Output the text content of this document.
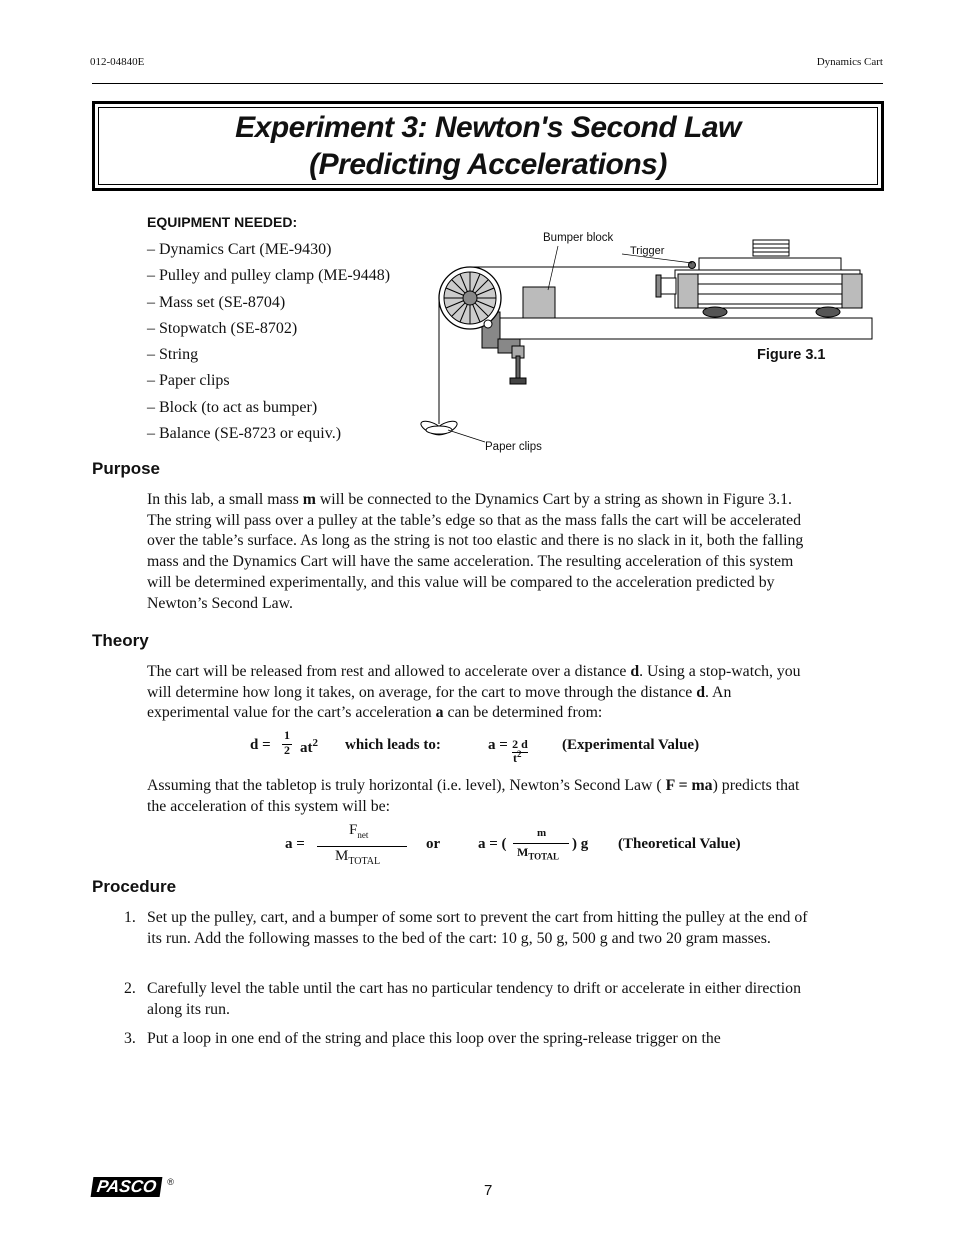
012-04840E	Dynamics Cart
Experiment 3: Newton's Second Law
(Predicting Accelerations)
EQUIPMENT NEEDED:
– Dynamics Cart (ME-9430)
– Pulley and pulley clamp (ME-9448)
– Mass set (SE-8704)
– Stopwatch (SE-8702)
– String
– Paper clips
– Block (to act as bumper)
– Balance (SE-8723 or equiv.)
Bumper block
Trigger
Paper clips
Figure 3.1
Purpose
In this lab, a small mass m will be connected to the Dynamics Cart by a string as shown in Figure 3.1. The string will pass over a pulley at the table’s edge so that as the mass falls the cart will be accelerated over the table’s surface. As long as the string is not too elastic and there is no slack in it, both the falling mass and the Dynamics Cart will have the same acceleration. The resulting acceleration of this system will be determined experimentally, and this value will be compared to the acceleration predicted by Newton’s Second Law.
Theory
The cart will be released from rest and allowed to accelerate over a distance d. Using a stop-watch, you will determine how long it takes, on average, for the cart to move through the distance d. An experimental value for the cart’s acceleration a can be determined from:
d =
1
2 $at^2$ which leads to:	a = 2 d
$t^2$
(Experimental Value)
Assuming that the tabletop is truly horizontal (i.e. level), Newton’s Second Law ( F = ma) predicts that the acceleration of this system will be:
a =
$F_{net}$
$M_{TOTAL}$
or	a = (
m
$M_{TOTAL}$
) g (Theoretical Value)
Procedure
1. Set up the pulley, cart, and a bumper of some sort to prevent the cart from hitting the pulley at the end of its run. Add the following masses to the bed of the cart: 10 g, 50 g, 500 g and two 20 gram masses.
2. Carefully level the table until the cart has no particular tendency to drift or accelerate in either direction along its run.
3. Put a loop in one end of the string and place this loop over the spring-release trigger on the
PASCO ®	7
